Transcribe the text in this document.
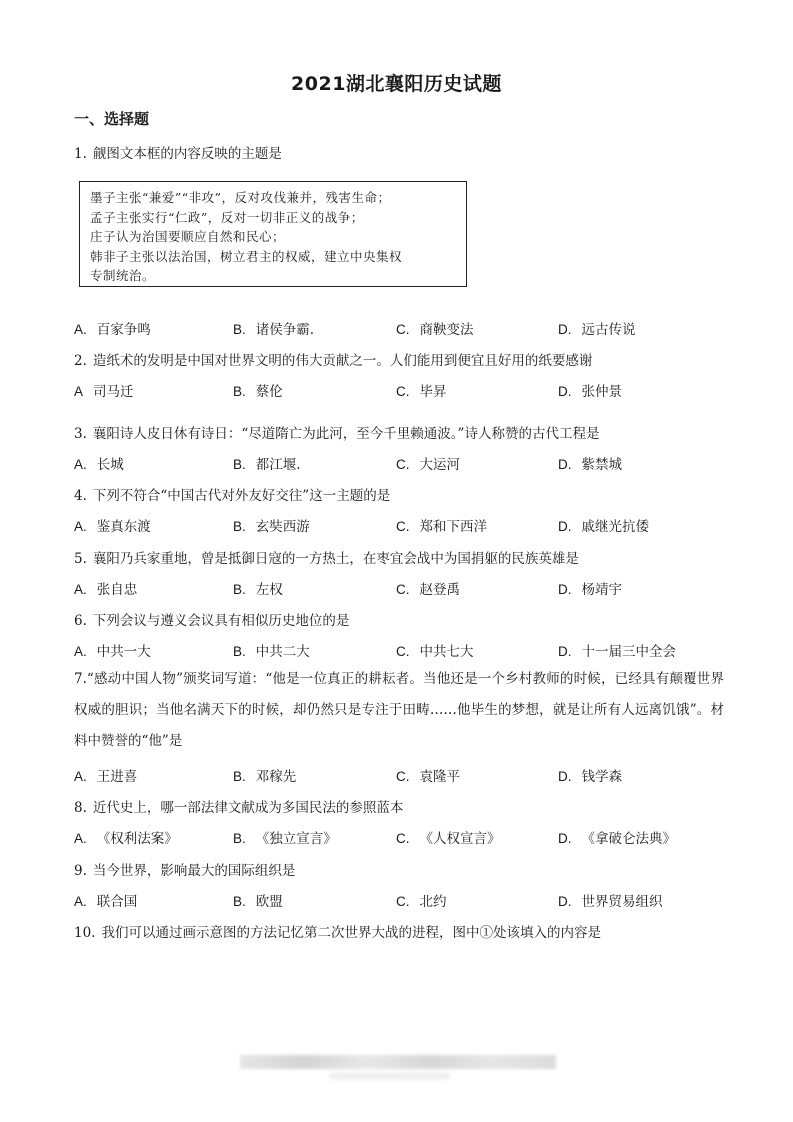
2021湖北襄阳历史试题
一、选择题
1. 觎图文本框的内容反映的主题是
墨子主张“兼爱”“非攻”，反对攻伐兼并，残害生命；
孟子主张实行“仁政”，反对一切非正义的战争；
庄子认为治国要顺应自然和民心；
韩非子主张以法治国，树立君主的权威，建立中央集权
专制统治。
A. 百家争鸣	B. 诸侯争霸.	C. 商鞅变法	D. 远古传说
2. 造纸术的发明是中国对世界文明的伟大贡献之一。人们能用到便宜且好用的纸要感谢
A 司马迁	B. 蔡伦	C. 毕昇	D. 张仲景
3. 襄阳诗人皮日休有诗日：“尽道隋亡为此河，至今千里赖通波。”诗人称赞的古代工程是
A. 长城	B. 都江堰.	C. 大运河	D. 紫禁城
4. 下列不符合“中国古代对外友好交往”这一主题的是
A. 鉴真东渡	B. 玄奘西游	C. 郑和下西洋	D. 戚继光抗倭
5. 襄阳乃兵家重地，曾是抵御日寇的一方热土，在枣宜会战中为国捐躯的民族英雄是
A. 张自忠	B. 左权	C. 赵登禹	D. 杨靖宇
6. 下列会议与遵义会议具有相似历史地位的是
A. 中共一大	B. 中共二大	C. 中共七大	D. 十一届三中全会
7.“感动中国人物”颁奖词写道：“他是一位真正的耕耘者。当他还是一个乡村教师的时候，已经具有颠覆世界权威的胆识；当他名满天下的时候，却仍然只是专注于田畴……他毕生的梦想，就是让所有人远离饥饿”。材料中赞誉的“他”是
A. 王进喜	B. 邓稼先	C. 袁隆平	D. 钱学森
8. 近代史上，哪一部法律文献成为多国民法的参照蓝本
A. 《权利法案》	B. 《独立宣言》	C. 《人权宣言》	D. 《拿破仑法典》
9. 当今世界，影响最大的国际组织是
A. 联合国	B. 欧盟	C. 北约	D. 世界贸易组织
10. 我们可以通过画示意图的方法记忆第二次世界大战的进程，图中①处该填入的内容是
